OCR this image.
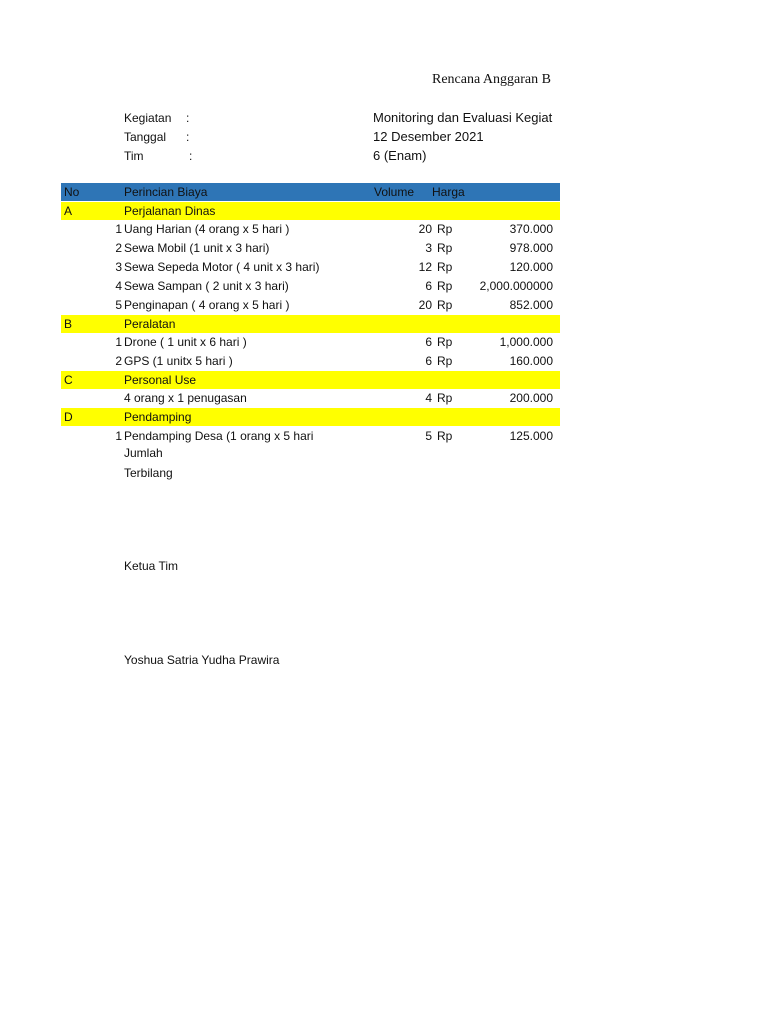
Rencana Anggaran B
Kegiatan :	Monitoring dan Evaluasi Kegiat
Tanggal :	12 Desember 2021
Tim	:	6 (Enam)
No	Perincian Biaya	Volume Harga
A	Perjalanan Dinas
1 Uang Harian (4 orang x 5 hari )	20 Rp	370.000
2 Sewa Mobil (1 unit x 3 hari)	3 Rp	978.000
3 Sewa Sepeda Motor ( 4 unit x 3 hari)	12 Rp	120.000
4 Sewa Sampan ( 2 unit x 3 hari)	6 Rp	2,000.000000
5 Penginapan ( 4 orang x 5 hari )	20 Rp	852.000
B	Peralatan
1 Drone ( 1 unit x 6 hari )	6 Rp	1,000.000
2 GPS (1 unitx 5 hari )	6 Rp	160.000
C	Personal Use
4 orang x 1 penugasan	4 Rp	200.000
D	Pendamping
1 Pendamping Desa (1 orang x 5 hari	5 Rp	125.000
Jumlah
Terbilang
Ketua Tim
Yoshua Satria Yudha Prawira
